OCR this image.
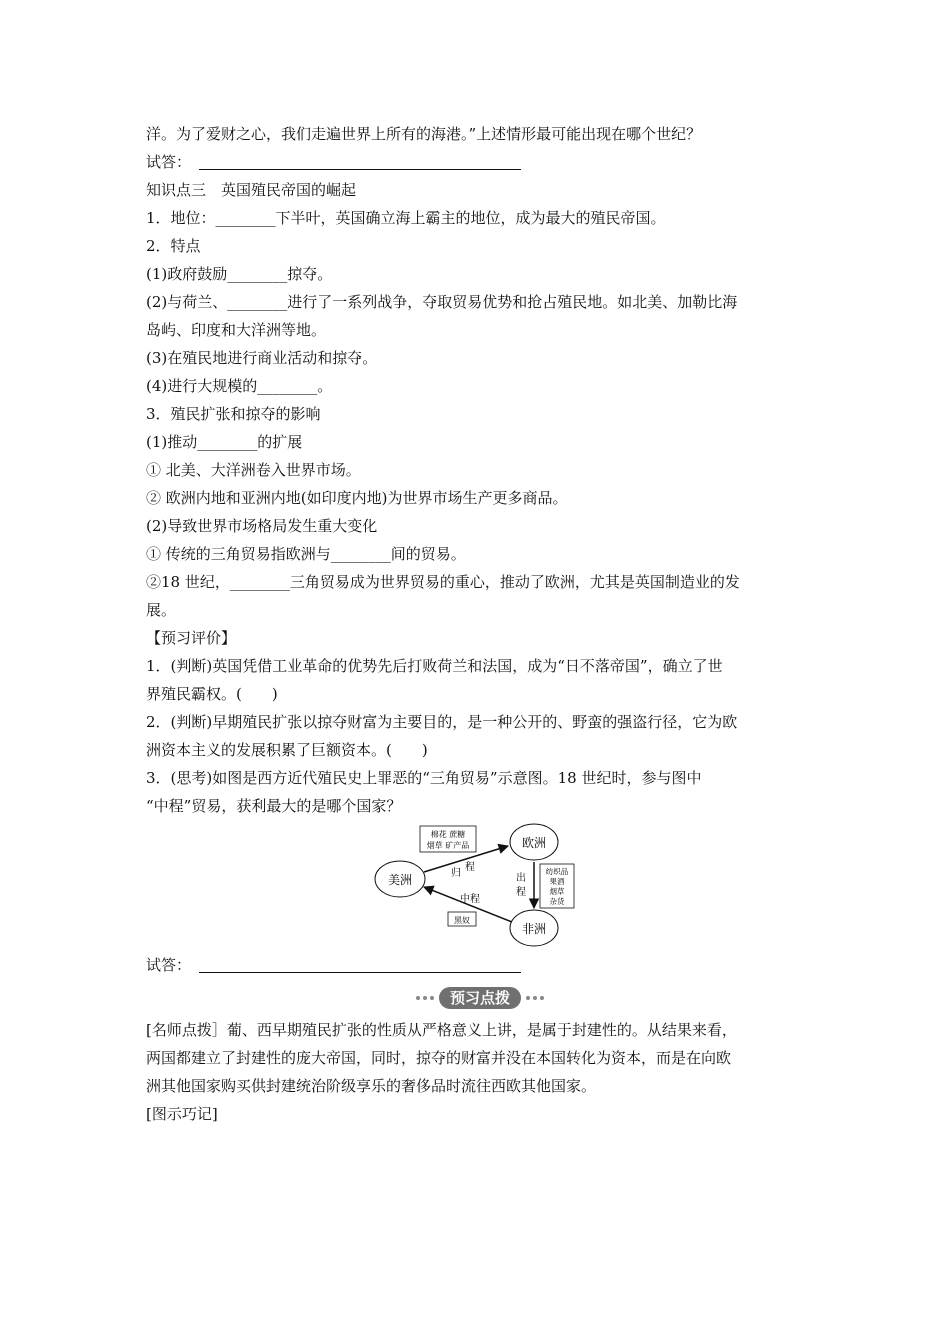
洋。为了爱财之心，我们走遍世界上所有的海港。”上述情形最可能出现在哪个世纪？
试答：
知识点三　英国殖民帝国的崛起
1．地位：________下半叶，英国确立海上霸主的地位，成为最大的殖民帝国。
2．特点
(1)政府鼓励________掠夺。
(2)与荷兰、________进行了一系列战争，夺取贸易优势和抢占殖民地。如北美、加勒比海
岛屿、印度和大洋洲等地。
(3)在殖民地进行商业活动和掠夺。
(4)进行大规模的________。
3．殖民扩张和掠夺的影响
(1)推动________的扩展
① 北美、大洋洲卷入世界市场。
② 欧洲内地和亚洲内地(如印度内地)为世界市场生产更多商品。
(2)导致世界市场格局发生重大变化
① 传统的三角贸易指欧洲与________间的贸易。
②18 世纪，________三角贸易成为世界贸易的重心，推动了欧洲，尤其是英国制造业的发
展。
【预习评价】
1．(判断)英国凭借工业革命的优势先后打败荷兰和法国，成为“日不落帝国”，确立了世
界殖民霸权。(　　)
2．(判断)早期殖民扩张以掠夺财富为主要目的，是一种公开的、野蛮的强盗行径，它为欧
洲资本主义的发展积累了巨额资本。(　　)
3．(思考)如图是西方近代殖民史上罪恶的“三角贸易”示意图。18 世纪时，参与图中
“中程”贸易，获利最大的是哪个国家？
欧洲
美洲
非洲
棉花 蔗糖
烟草 矿产品
归
程
出
程
纺织品
果酒
烟草
杂货
中程
黑奴
试答：
预习点拨
[名师点拨］葡、西早期殖民扩张的性质从严格意义上讲，是属于封建性的。从结果来看，
两国都建立了封建性的庞大帝国，同时，掠夺的财富并没在本国转化为资本，而是在向欧
洲其他国家购买供封建统治阶级享乐的奢侈品时流往西欧其他国家。
[图示巧记]
